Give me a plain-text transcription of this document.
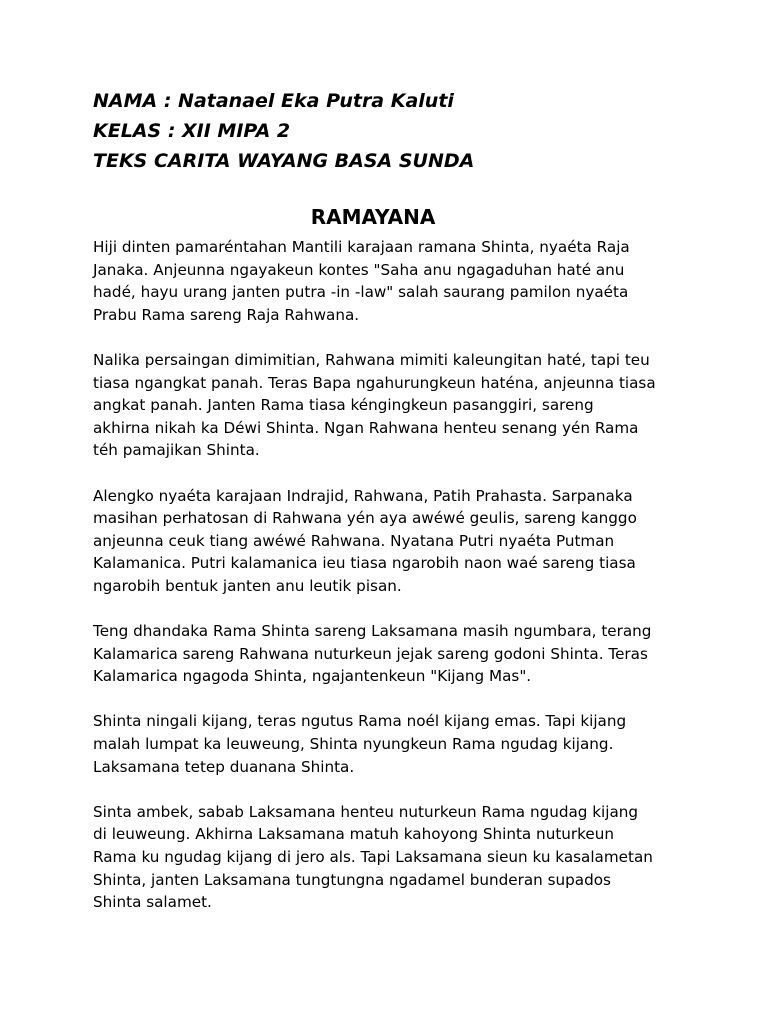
NAMA : Natanael Eka Putra Kaluti

KELAS : XII MIPA 2

TEKS CARITA WAYANG BASA SUNDA

RAMAYANA

Hiji dinten pamaréntahan Mantili karajaan ramana Shinta, nyaéta Raja
Janaka. Anjeunna ngayakeun kontes "Saha anu ngagaduhan haté anu
hadé, hayu urang janten putra -in -law" salah saurang pamilon nyaéta
Prabu Rama sareng Raja Rahwana.

Nalika persaingan dimimitian, Rahwana mimiti kaleungitan haté, tapi teu
tiasa ngangkat panah. Teras Bapa ngahurungkeun haténa, anjeunna tiasa
angkat panah. Janten Rama tiasa kéngingkeun pasanggiri, sareng
akhirna nikah ka Déwi Shinta. Ngan Rahwana henteu senang yén Rama
téh pamajikan Shinta.

Alengko nyaéta karajaan Indrajid, Rahwana, Patih Prahasta. Sarpanaka
masihan perhatosan di Rahwana yén aya awéwé geulis, sareng kanggo
anjeunna ceuk tiang awéwé Rahwana. Nyatana Putri nyaéta Putman
Kalamanica. Putri kalamanica ieu tiasa ngarobih naon waé sareng tiasa
ngarobih bentuk janten anu leutik pisan.

Teng dhandaka Rama Shinta sareng Laksamana masih ngumbara, terang
Kalamarica sareng Rahwana nuturkeun jejak sareng godoni Shinta. Teras
Kalamarica ngagoda Shinta, ngajantenkeun "Kijang Mas".

Shinta ningali kijang, teras ngutus Rama noél kijang emas. Tapi kijang
malah lumpat ka leuweung, Shinta nyungkeun Rama ngudag kijang.
Laksamana tetep duanana Shinta.

Sinta ambek, sabab Laksamana henteu nuturkeun Rama ngudag kijang
di leuweung. Akhirna Laksamana matuh kahoyong Shinta nuturkeun
Rama ku ngudag kijang di jero als. Tapi Laksamana sieun ku kasalametan
Shinta, janten Laksamana tungtungna ngadamel bunderan supados
Shinta salamet.
